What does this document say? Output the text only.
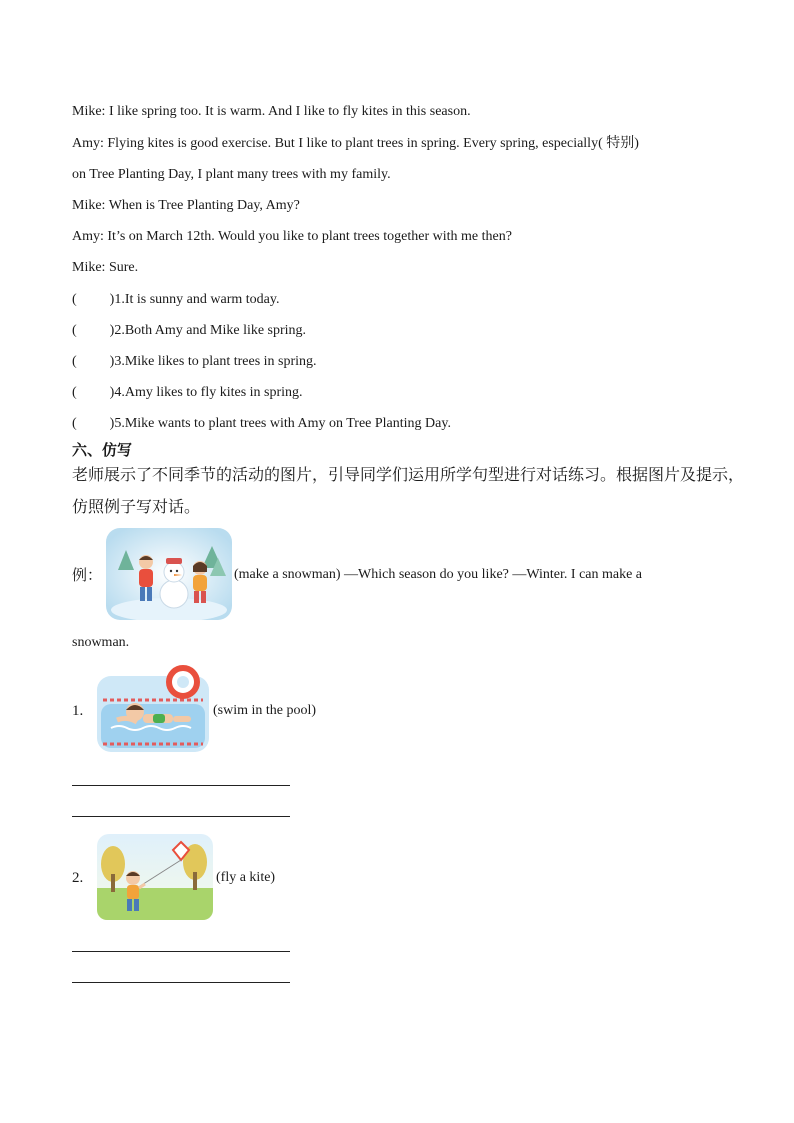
Mike: I like spring too. It is warm. And I like to fly kites in this season.
Amy: Flying kites is good exercise. But I like to plant trees in spring. Every spring, especially( 特别)
on Tree Planting Day, I plant many trees with my family.
Mike: When is Tree Planting Day, Amy?
Amy: It’s on March 12th. Would you like to plant trees together with me then?
Mike: Sure.
( )1.It is sunny and warm today.
( )2.Both Amy and Mike like spring.
( )3.Mike likes to plant trees in spring.
( )4.Amy likes to fly kites in spring.
( )5.Mike wants to plant trees with Amy on Tree Planting Day.
六、仿写
老师展示了不同季节的活动的图片，引导同学们运用所学句型进行对话练习。根据图片及提示，
仿照例子写对话。
例：	(make a snowman) —Which season do you like? —Winter. I can make a
snowman.
1.	(swim in the pool)
2.	(fly a kite)
